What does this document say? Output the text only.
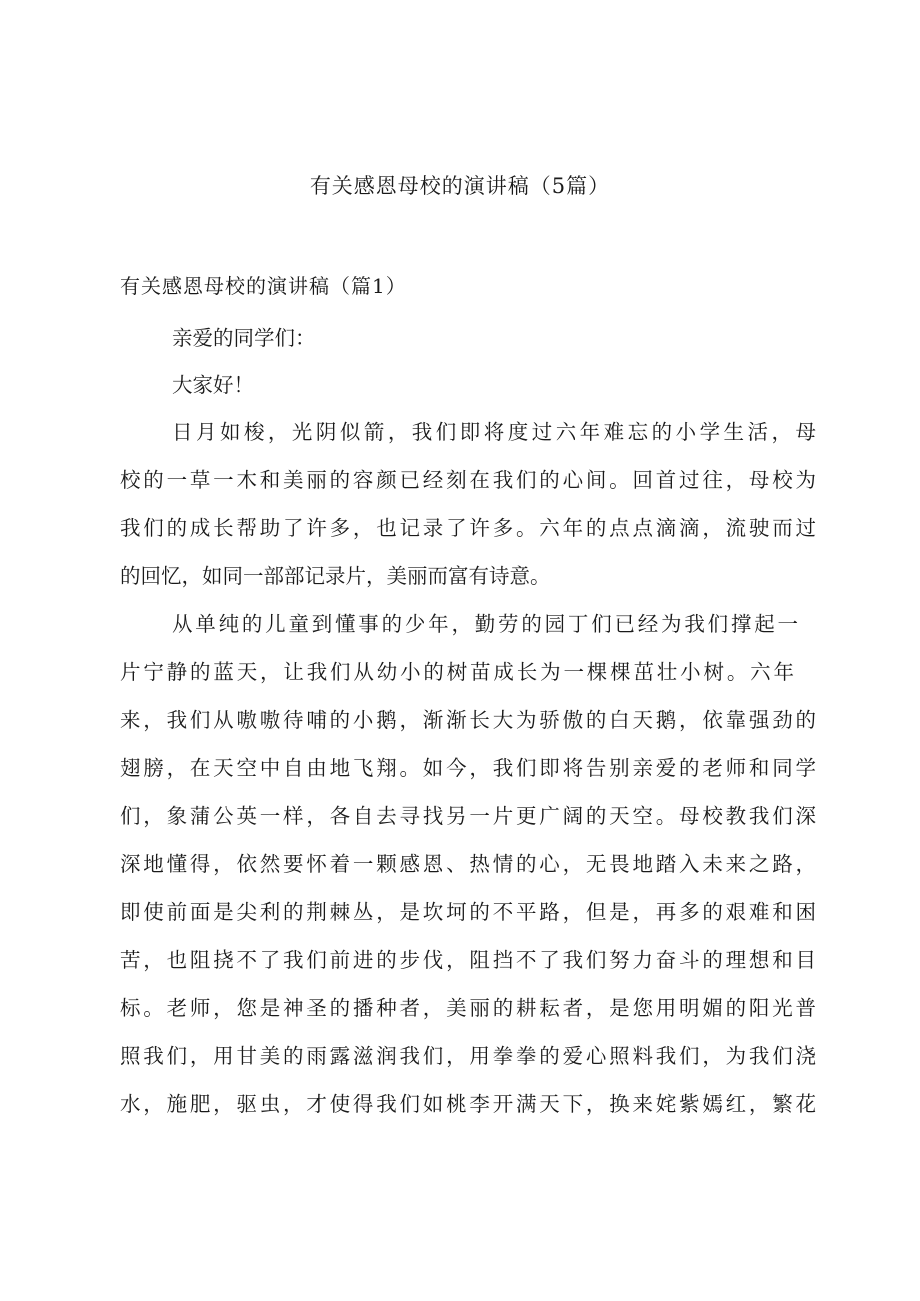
有关感恩母校的演讲稿（5篇）
有关感恩母校的演讲稿（篇1）
亲爱的同学们：
大家好！
日月如梭，光阴似箭，我们即将度过六年难忘的小学生活，母
校的一草一木和美丽的容颜已经刻在我们的心间。回首过往，母校为
我们的成长帮助了许多，也记录了许多。六年的点点滴滴，流驶而过
的回忆，如同一部部记录片，美丽而富有诗意。
从单纯的儿童到懂事的少年，勤劳的园丁们已经为我们撑起一
片宁静的蓝天，让我们从幼小的树苗成长为一棵棵茁壮小树。六年
来，我们从嗷嗷待哺的小鹅，渐渐长大为骄傲的白天鹅，依靠强劲的
翅膀，在天空中自由地飞翔。如今，我们即将告别亲爱的老师和同学
们，象蒲公英一样，各自去寻找另一片更广阔的天空。母校教我们深
深地懂得，依然要怀着一颗感恩、热情的心，无畏地踏入未来之路，
即使前面是尖利的荆棘丛，是坎坷的不平路，但是，再多的艰难和困
苦，也阻挠不了我们前进的步伐，阻挡不了我们努力奋斗的理想和目
标。老师，您是神圣的播种者，美丽的耕耘者，是您用明媚的阳光普
照我们，用甘美的雨露滋润我们，用拳拳的爱心照料我们，为我们浇
水，施肥，驱虫，才使得我们如桃李开满天下，换来姹紫嫣红，繁花
